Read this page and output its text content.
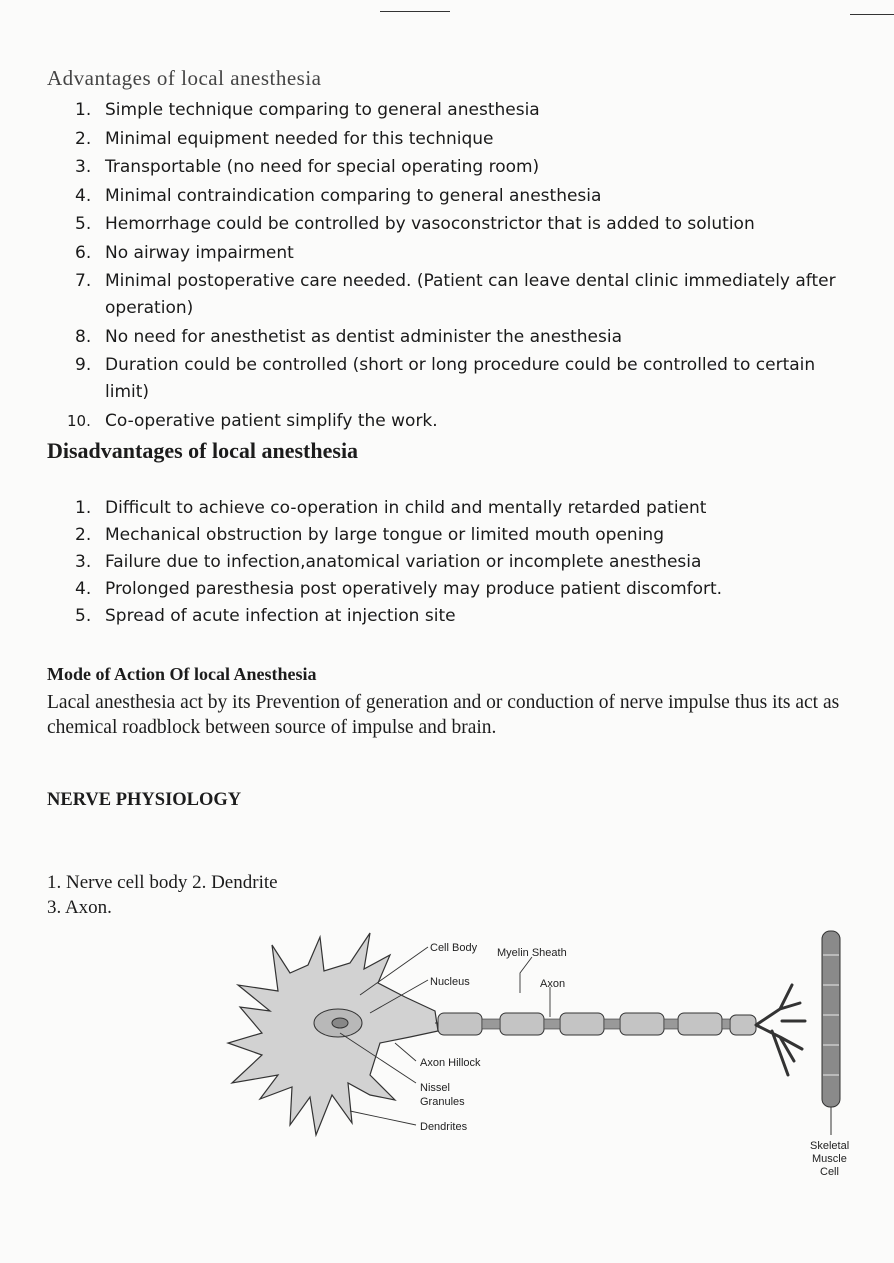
Advantages of local anesthesia
1. Simple technique comparing to general anesthesia
2. Minimal equipment needed for this technique
3. Transportable (no need for special operating room)
4. Minimal contraindication comparing to general anesthesia
5. Hemorrhage could be controlled by vasoconstrictor that is added to solution
6. No airway impairment
7. Minimal postoperative care needed. (Patient can leave dental clinic immediately after operation)
8. No need for anesthetist as dentist administer the anesthesia
9. Duration could be controlled (short or long procedure could be controlled to certain limit)
10. Co-operative patient simplify the work.
Disadvantages of local anesthesia
1. Difficult to achieve co-operation in child and mentally retarded patient
2. Mechanical obstruction by large tongue or limited mouth opening
3. Failure due to infection,anatomical variation or incomplete anesthesia
4. Prolonged paresthesia post operatively may produce patient discomfort.
5. Spread of acute infection at injection site
Mode of Action Of local Anesthesia
Lacal anesthesia act by its Prevention of generation and or conduction of nerve impulse thus its act as chemical roadblock between source of impulse and brain.
NERVE PHYSIOLOGY
1. Nerve cell body 2. Dendrite
3. Axon.
Cell Body Myelin Sheath
Nucleus	Axon
Axon Hillock
Nissel
Granules
Dendrites
Skeletal
Muscle
Cell
